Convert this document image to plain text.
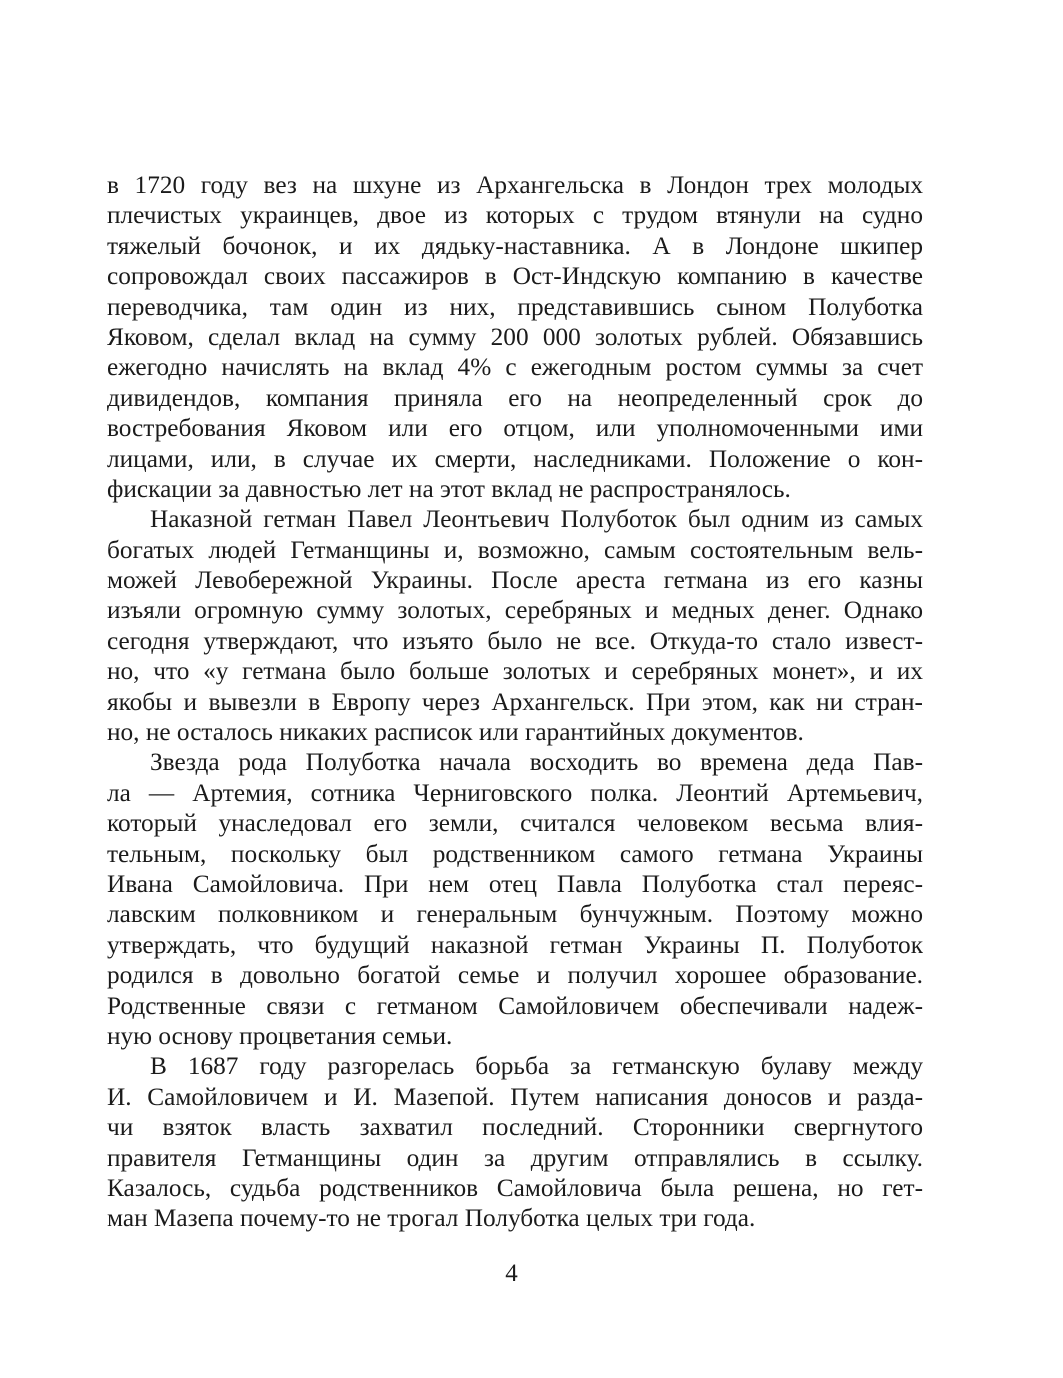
в 1720 году вез на шхуне из Архангельска в Лондон трех молодых
плечистых украинцев, двое из которых с трудом втянули на судно
тяжелый бочонок, и их дядьку-наставника. А в Лондоне шкипер
сопровождал своих пассажиров в Ост-Индскую компанию в качестве
переводчика, там один из них, представившись сыном Полуботка
Яковом, сделал вклад на сумму 200 000 золотых рублей. Обязавшись
ежегодно начислять на вклад 4% с ежегодным ростом суммы за счет
дивидендов, компания приняла его на неопределенный срок до
востребования Яковом или его отцом, или уполномоченными ими
лицами, или, в случае их смерти, наследниками. Положение о кон-
фискации за давностью лет на этот вклад не распространялось.
Наказной гетман Павел Леонтьевич Полуботок был одним из самых
богатых людей Гетманщины и, возможно, самым состоятельным вель-
можей Левобережной Украины. После ареста гетмана из его казны
изъяли огромную сумму золотых, серебряных и медных денег. Однако
сегодня утверждают, что изъято было не все. Откуда-то стало извест-
но, что «у гетмана было больше золотых и серебряных монет», и их
якобы и вывезли в Европу через Архангельск. При этом, как ни стран-
но, не осталось никаких расписок или гарантийных документов.
Звезда рода Полуботка начала восходить во времена деда Пав-
ла — Артемия, сотника Черниговского полка. Леонтий Артемьевич,
который унаследовал его земли, считался человеком весьма влия-
тельным, поскольку был родственником самого гетмана Украины
Ивана Самойловича. При нем отец Павла Полуботка стал переяс-
лавским полковником и генеральным бунчужным. Поэтому можно
утверждать, что будущий наказной гетман Украины П. Полуботок
родился в довольно богатой семье и получил хорошее образование.
Родственные связи с гетманом Самойловичем обеспечивали надеж-
ную основу процветания семьи.
В 1687 году разгорелась борьба за гетманскую булаву между
И. Самойловичем и И. Мазепой. Путем написания доносов и разда-
чи взяток власть захватил последний. Сторонники свергнутого
правителя Гетманщины один за другим отправлялись в ссылку.
Казалось, судьба родственников Самойловича была решена, но гет-
ман Мазепа почему-то не трогал Полуботка целых три года.
4
